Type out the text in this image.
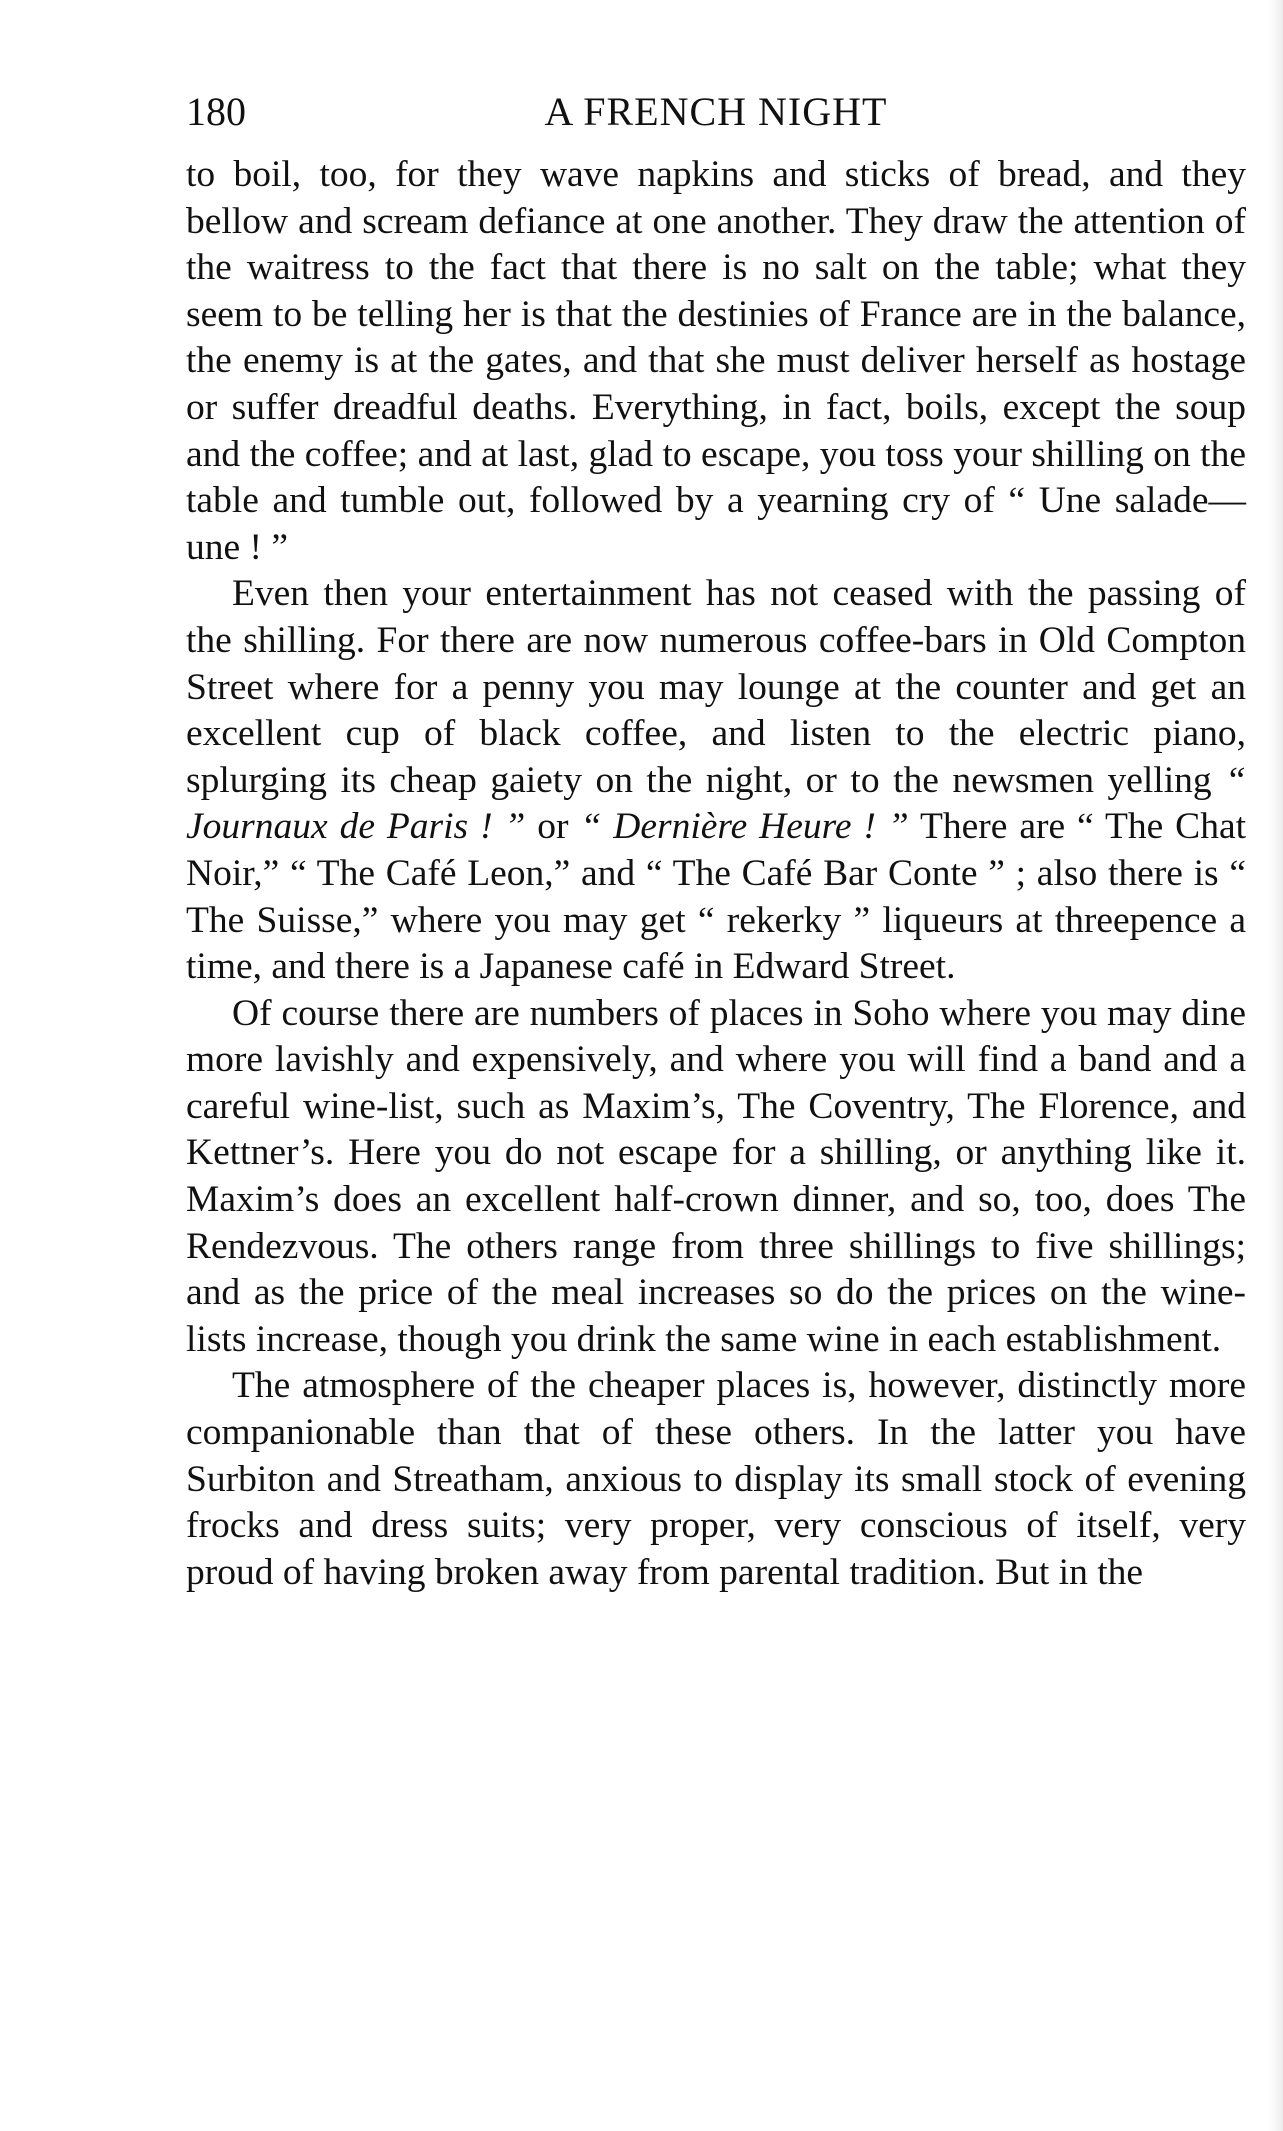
180	A FRENCH NIGHT

to boil, too, for they wave napkins and sticks of bread, and they bellow and scream defiance at one another. They draw the attention of the waitress to the fact that there is no salt on the table; what they seem to be telling her is that the destinies of France are in the balance, the enemy is at the gates, and that she must deliver herself as hostage or suffer dreadful deaths. Everything, in fact, boils, except the soup and the coffee; and at last, glad to escape, you toss your shilling on the table and tumble out, followed by a yearning cry of “ Une salade—une ! ”

Even then your entertainment has not ceased with the passing of the shilling. For there are now numerous coffee-bars in Old Compton Street where for a penny you may lounge at the counter and get an excellent cup of black coffee, and listen to the electric piano, splurging its cheap gaiety on the night, or to the newsmen yelling “ Journaux de Paris ! ” or “ Dernière Heure ! ” There are “ The Chat Noir,” “ The Café Leon,” and “ The Café Bar Conte ” ; also there is “ The Suisse,” where you may get “ rekerky ” liqueurs at threepence a time, and there is a Japanese café in Edward Street.

Of course there are numbers of places in Soho where you may dine more lavishly and expensively, and where you will find a band and a careful wine-list, such as Maxim’s, The Coventry, The Florence, and Kettner’s. Here you do not escape for a shilling, or anything like it. Maxim’s does an excellent half-crown dinner, and so, too, does The Rendezvous. The others range from three shillings to five shillings; and as the price of the meal increases so do the prices on the wine-lists increase, though you drink the same wine in each establishment.

The atmosphere of the cheaper places is, however, distinctly more companionable than that of these others. In the latter you have Surbiton and Streatham, anxious to display its small stock of evening frocks and dress suits; very proper, very conscious of itself, very proud of having broken away from parental tradition. But in the
